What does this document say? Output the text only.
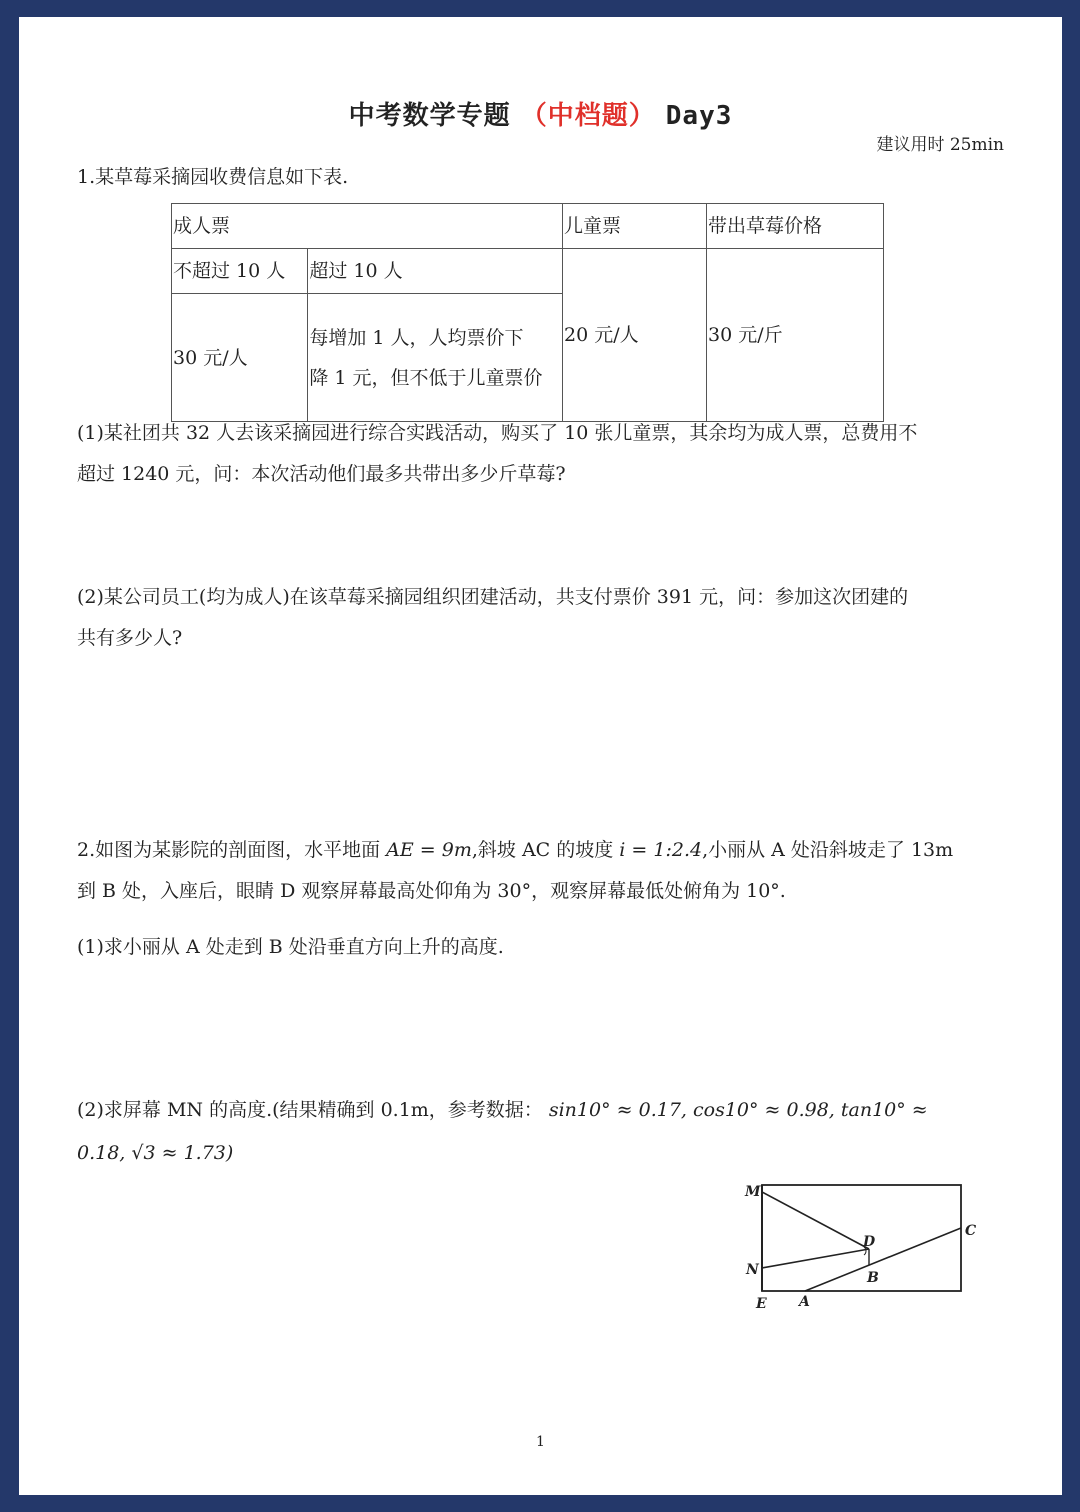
中考数学专题 （中档题） Day3
建议用时 25min
1.某草莓采摘园收费信息如下表.
成人票		儿童票	带出草莓价格
不超过 10 人	超过 10 人	20 元/人	30 元/斤
30 元/人	每增加 1 人，人均票价下
降 1 元，但不低于儿童票价		
(1)某社团共 32 人去该采摘园进行综合实践活动，购买了 10 张儿童票，其余均为成人票，总费用不
超过 1240 元，问：本次活动他们最多共带出多少斤草莓?
(2)某公司员工(均为成人)在该草莓采摘园组织团建活动，共支付票价 391 元，问：参加这次团建的
共有多少人?
2.如图为某影院的剖面图，水平地面 AE = 9m,斜坡 AC 的坡度 i = 1:2.4,小丽从 A 处沿斜坡走了 13m
到 B 处，入座后，眼睛 D 观察屏幕最高处仰角为 30°，观察屏幕最低处俯角为 10°.
(1)求小丽从 A 处走到 B 处沿垂直方向上升的高度.
(2)求屏幕 MN 的高度.(结果精确到 0.1m，参考数据： sin10° ≈ 0.17, cos10° ≈ 0.98, tan10° ≈
0.18, √3 ≈ 1.73)
M
N
E A
B
C
D
1
